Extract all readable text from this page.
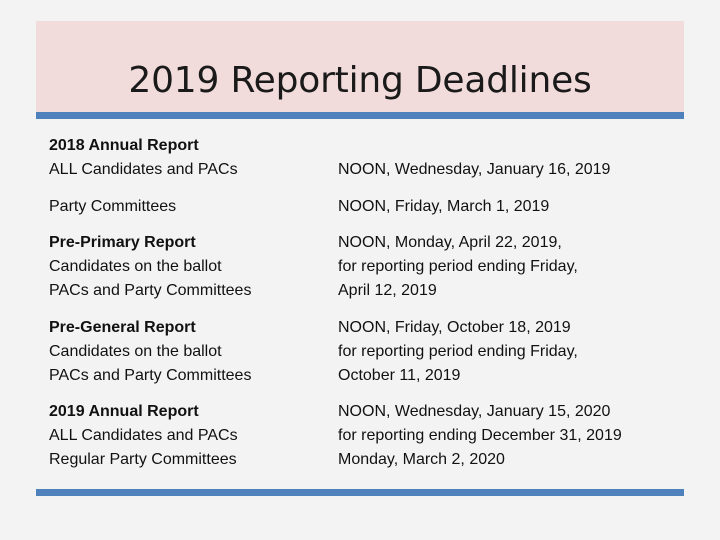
2019 Reporting Deadlines
2018 Annual Report
ALL Candidates and PACs	NOON, Wednesday, January 16, 2019
Party Committees	NOON, Friday, March 1, 2019
Pre-Primary Report
Candidates on the ballot
PACs and Party Committees
NOON, Monday, April 22, 2019,
for reporting period ending Friday,
April 12, 2019
Pre-General Report
Candidates on the ballot
PACs and Party Committees
NOON, Friday, October 18, 2019
for reporting period ending Friday,
October 11, 2019
2019 Annual Report
ALL Candidates and PACs
Regular Party Committees
NOON, Wednesday, January 15, 2020
for reporting ending December 31, 2019
Monday, March 2, 2020
